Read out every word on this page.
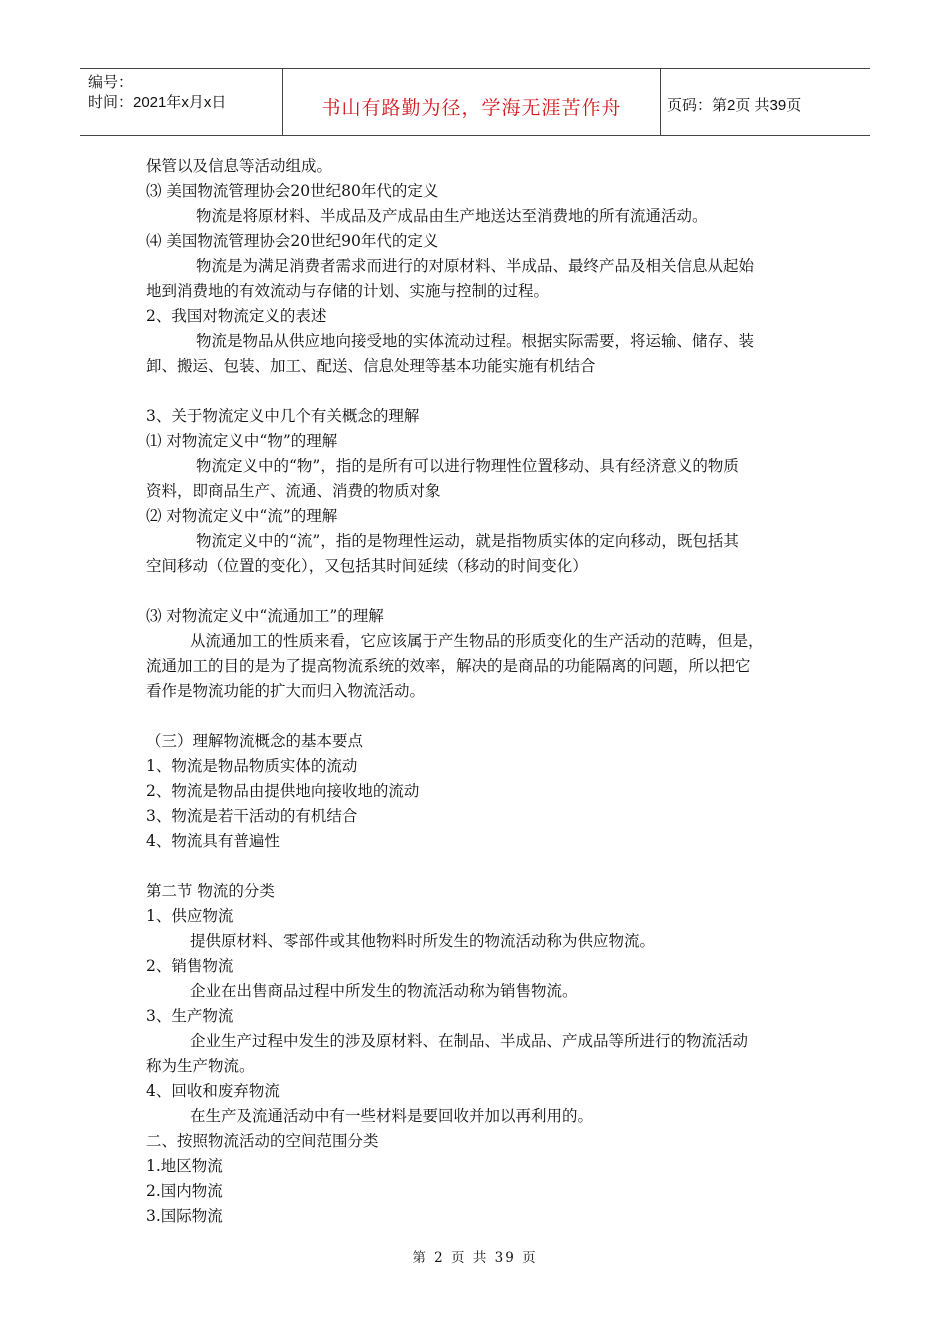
编号：
时间：2021年x月x日	书山有路勤为径，学海无涯苦作舟	页码：第2页 共39页
保管以及信息等活动组成。
⑶ 美国物流管理协会20世纪80年代的定义
物流是将原材料、半成品及产成品由生产地送达至消费地的所有流通活动。
⑷ 美国物流管理协会20世纪90年代的定义
物流是为满足消费者需求而进行的对原材料、半成品、最终产品及相关信息从起始
地到消费地的有效流动与存储的计划、实施与控制的过程。
2、我国对物流定义的表述
物流是物品从供应地向接受地的实体流动过程。根据实际需要，将运输、储存、装
卸、搬运、包装、加工、配送、信息处理等基本功能实施有机结合
3、关于物流定义中几个有关概念的理解
⑴ 对物流定义中“物”的理解
物流定义中的“物”，指的是所有可以进行物理性位置移动、具有经济意义的物质
资料，即商品生产、流通、消费的物质对象
⑵ 对物流定义中“流”的理解
物流定义中的“流”，指的是物理性运动，就是指物质实体的定向移动，既包括其
空间移动（位置的变化），又包括其时间延续（移动的时间变化）
⑶ 对物流定义中“流通加工”的理解
从流通加工的性质来看，它应该属于产生物品的形质变化的生产活动的范畴，但是，
流通加工的目的是为了提高物流系统的效率，解决的是商品的功能隔离的问题，所以把它
看作是物流功能的扩大而归入物流活动。
（三）理解物流概念的基本要点
1、物流是物品物质实体的流动
2、物流是物品由提供地向接收地的流动
3、物流是若干活动的有机结合
4、物流具有普遍性
第二节 物流的分类
1、供应物流
提供原材料、零部件或其他物料时所发生的物流活动称为供应物流。
2、销售物流
企业在出售商品过程中所发生的物流活动称为销售物流。
3、生产物流
企业生产过程中发生的涉及原材料、在制品、半成品、产成品等所进行的物流活动
称为生产物流。
4、回收和废弃物流
在生产及流通活动中有一些材料是要回收并加以再利用的。
二、按照物流活动的空间范围分类
1.地区物流
2.国内物流
3.国际物流
第 2 页 共 39 页
